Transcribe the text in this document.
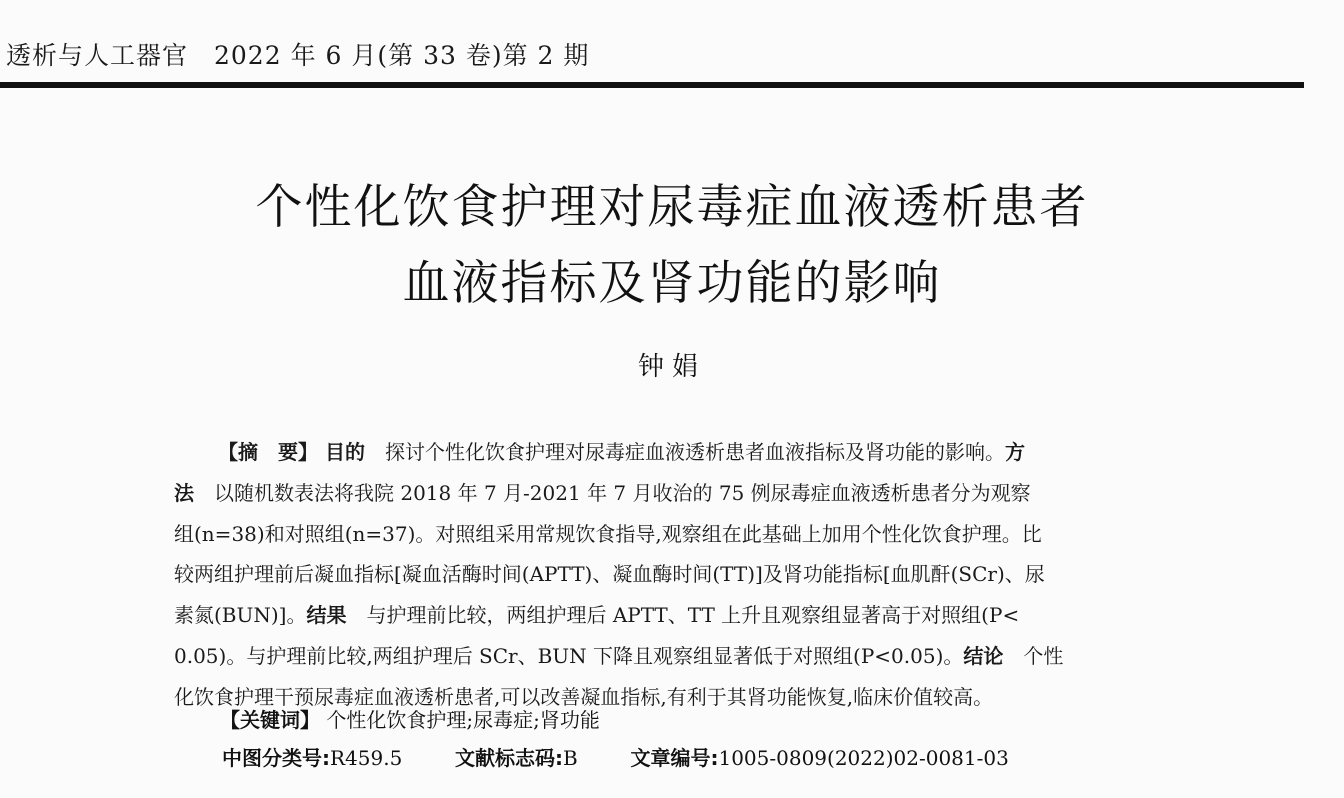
透析与人工器官　2022 年 6 月(第 33 卷)第 2 期
个性化饮食护理对尿毒症血液透析患者
血液指标及肾功能的影响
钟娟
【摘　要】 目的　探讨个性化饮食护理对尿毒症血液透析患者血液指标及肾功能的影响。方
法　以随机数表法将我院 2018 年 7 月-2021 年 7 月收治的 75 例尿毒症血液透析患者分为观察
组(n=38)和对照组(n=37)。对照组采用常规饮食指导,观察组在此基础上加用个性化饮食护理。比
较两组护理前后凝血指标[凝血活酶时间(APTT)、凝血酶时间(TT)]及肾功能指标[血肌酐(SCr)、尿
素氮(BUN)]。结果　与护理前比较，两组护理后 APTT、TT 上升且观察组显著高于对照组(P<
0.05)。与护理前比较,两组护理后 SCr、BUN 下降且观察组显著低于对照组(P<0.05)。结论　个性
化饮食护理干预尿毒症血液透析患者,可以改善凝血指标,有利于其肾功能恢复,临床价值较高。
【关键词】 个性化饮食护理;尿毒症;肾功能
中图分类号:R459.5	文献标志码:B	文章编号:1005-0809(2022)02-0081-03
